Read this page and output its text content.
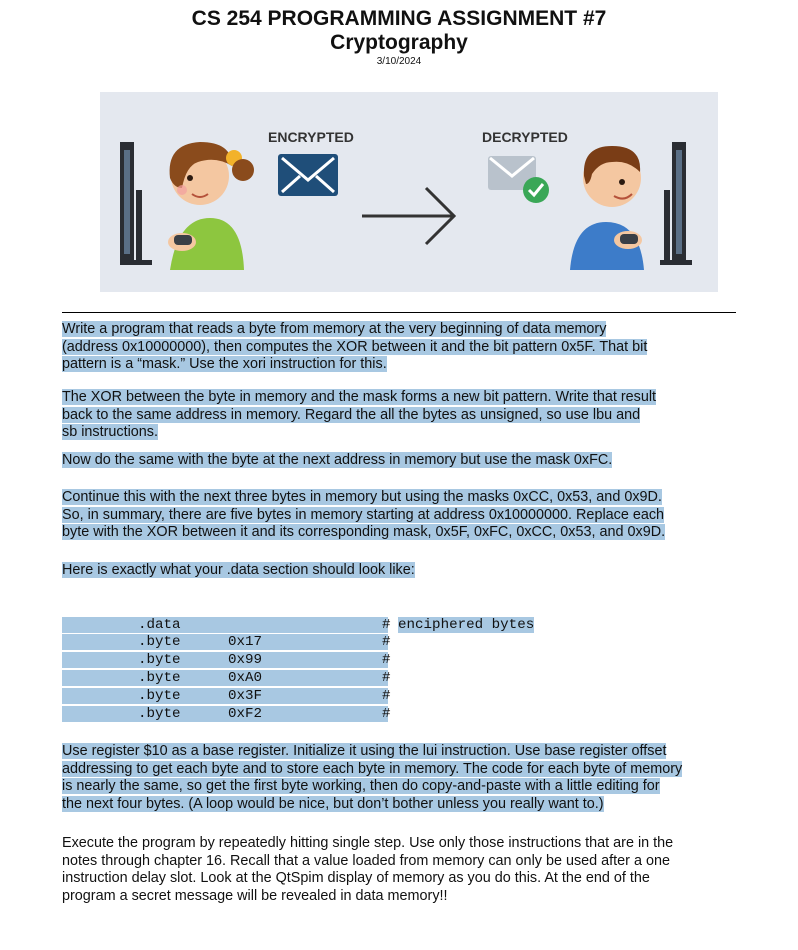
CS 254 PROGRAMMING ASSIGNMENT #7
Cryptography
3/10/2024
ENCRYPTED	DECRYPTED
Write a program that reads a byte from memory at the very beginning of data memory
(address 0x10000000), then computes the XOR between it and the bit pattern 0x5F. That bit
pattern is a “mask.” Use the xori instruction for this.
The XOR between the byte in memory and the mask forms a new bit pattern. Write that result
back to the same address in memory. Regard the all the bytes as unsigned, so use lbu and
sb instructions.
Now do the same with the byte at the next address in memory but use the mask 0xFC.
Continue this with the next three bytes in memory but using the masks 0xCC, 0x53, and 0x9D.
So, in summary, there are five bytes in memory starting at address 0x10000000. Replace each
byte with the XOR between it and its corresponding mask, 0x5F, 0xFC, 0xCC, 0x53, and 0x9D.
Here is exactly what your .data section should look like:
.data	# enciphered bytes
.byte	0x17	#
.byte	0x99	#
.byte	0xA0	#
.byte	0x3F	#
.byte	0xF2	#
Use register $10 as a base register. Initialize it using the lui instruction. Use base register offset
addressing to get each byte and to store each byte in memory. The code for each byte of memory
is nearly the same, so get the first byte working, then do copy-and-paste with a little editing for
the next four bytes. (A loop would be nice, but don’t bother unless you really want to.)
Execute the program by repeatedly hitting single step. Use only those instructions that are in the
notes through chapter 16. Recall that a value loaded from memory can only be used after a one
instruction delay slot. Look at the QtSpim display of memory as you do this. At the end of the
program a secret message will be revealed in data memory!!
